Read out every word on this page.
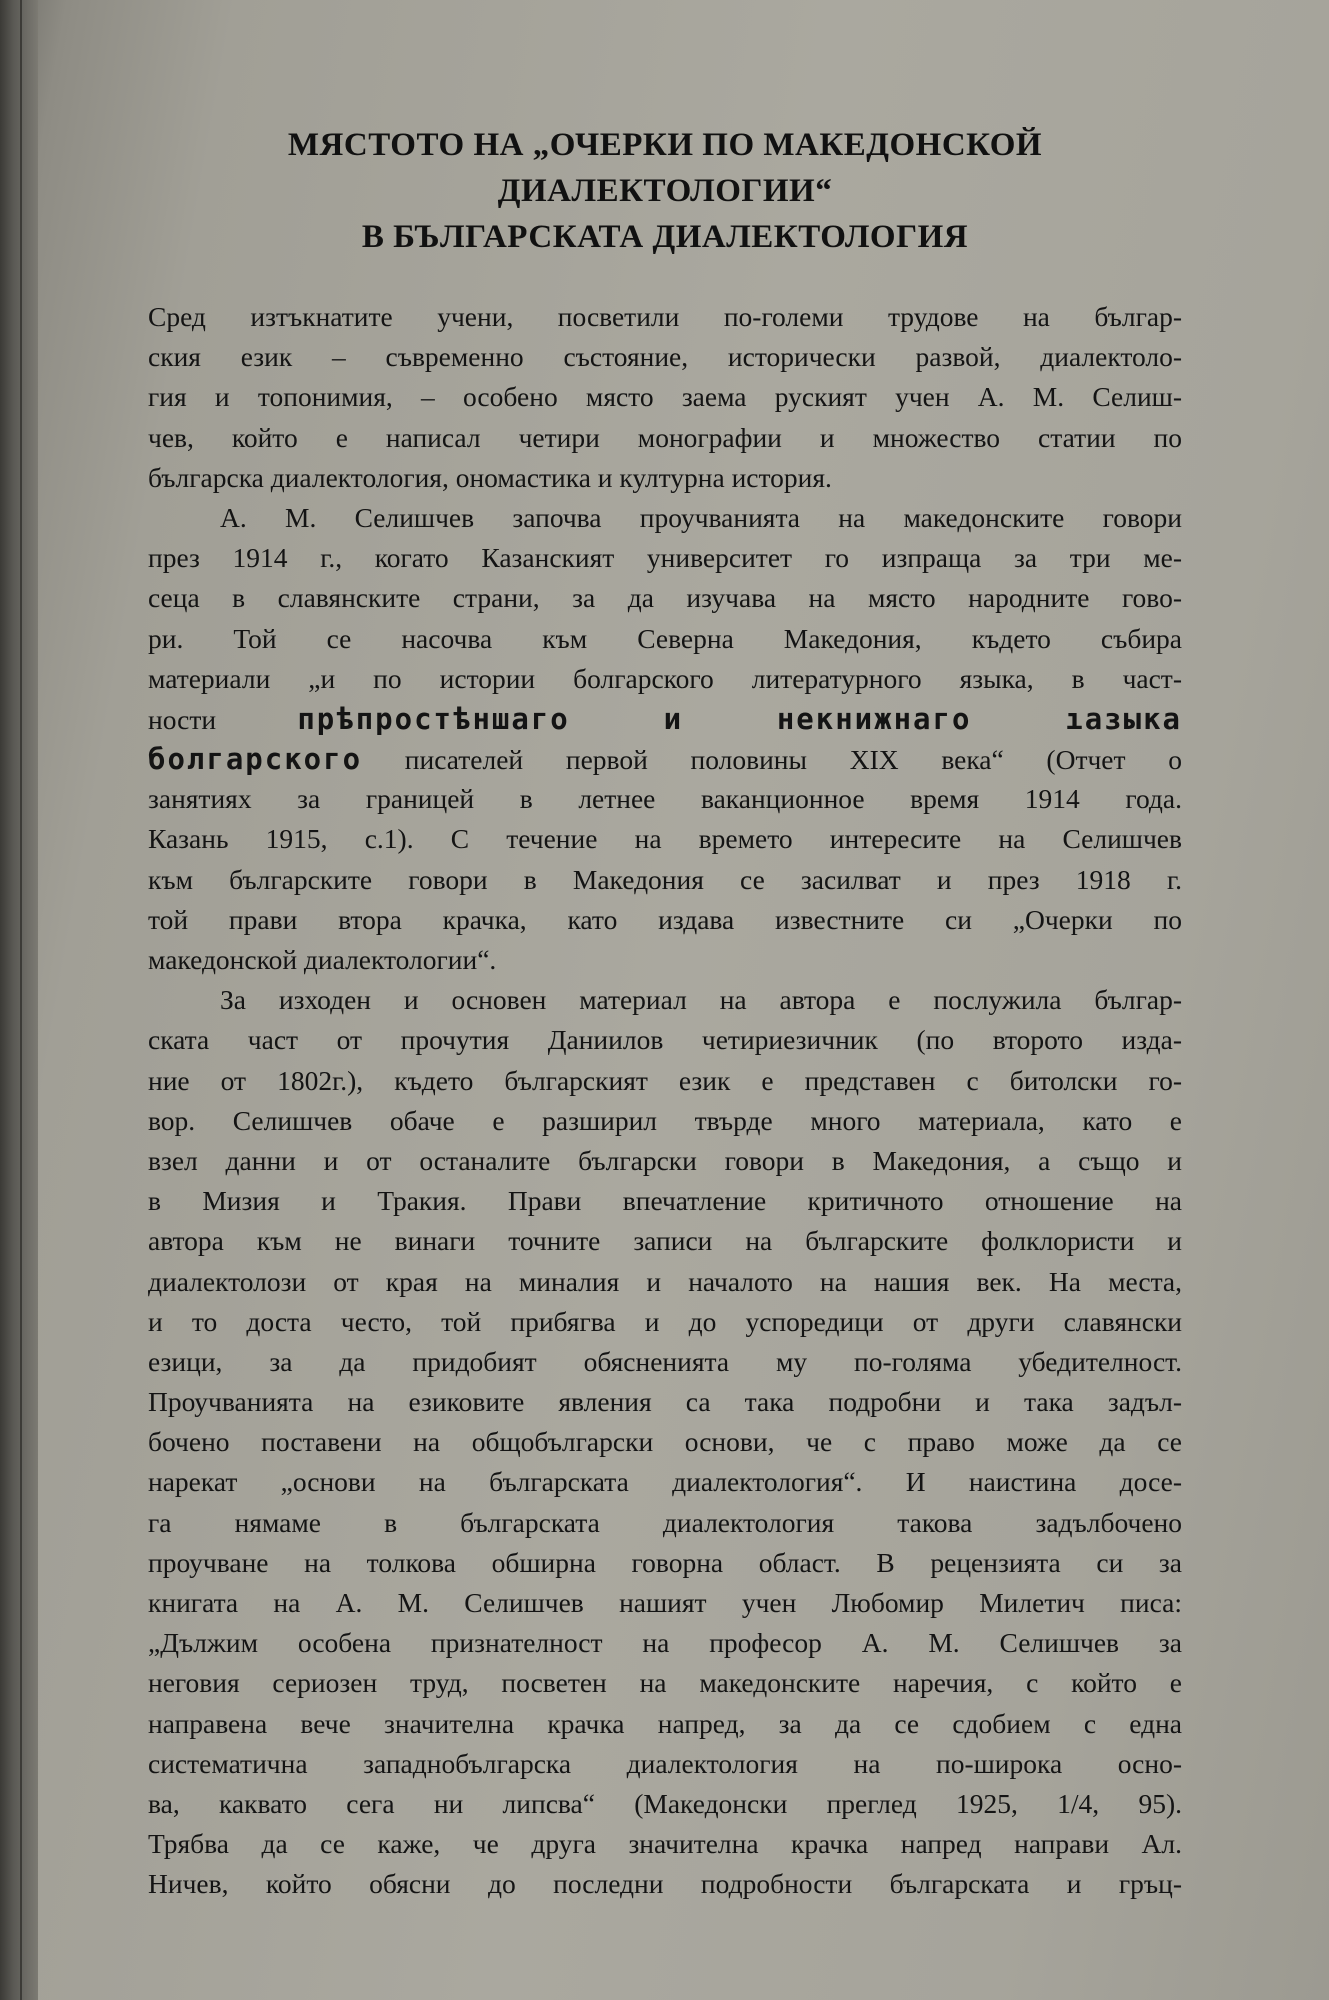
МЯСТОТО НА „ОЧЕРКИ ПО МАКЕДОНСКОЙ
ДИАЛЕКТОЛОГИИ“
В БЪЛГАРСКАТА ДИАЛЕКТОЛОГИЯ
Сред изтъкнатите учени, посветили по-големи трудове на българ-
ския език – съвременно състояние, исторически развой, диалектоло-
гия и топонимия, – особено място заема руският учен А. М. Селиш-
чев, който е написал четири монографии и множество статии по
българска диалектология, ономастика и културна история.
А. М. Селишчев започва проучванията на македонските говори
през 1914 г., когато Казанският университет го изпраща за три ме-
сеца в славянските страни, за да изучава на място народните гово-
ри. Той се насочва към Северна Македония, където събира
материали „и по истории болгарского литературного языка, в част-
ности	прѣпростѣншаго и некнижнаго ıaзыка
болгарского писателей первой половины XIX века“ (Отчет о
занятиях за границей в летнее ваканционное время 1914 года.
Казань 1915, с.1). С течение на времето интересите на Селишчев
към българските говори в Македония се засилват и през 1918 г.
той прави втора крачка, като издава известните си „Очерки по
македонской диалектологии“.
За изходен и основен материал на автора е послужила българ-
ската част от прочутия Даниилов четириезичник (по второто изда-
ние от 1802г.), където българският език е представен с битолски го-
вор. Селишчев обаче е разширил твърде много материала, като е
взел данни и от останалите български говори в Македония, а също и
в Мизия и Тракия. Прави впечатление критичното отношение на
автора към не винаги точните записи на българските фолклористи и
диалектолози от края на миналия и началото на нашия век. На места,
и то доста често, той прибягва и до успоредици от други славянски
езици, за да придобият обясненията му по-голяма убедителност.
Проучванията на езиковите явления са така подробни и така задъл-
бочено поставени на общобългарски основи, че с право може да се
нарекат „основи на българската диалектология“. И наистина досе-
га нямаме в българската диалектология такова задълбочено
проучване на толкова обширна говорна област. В рецензията си за
книгата на А. М. Селишчев нашият учен Любомир Милетич писа:
„Дължим особена признателност на професор А. М. Селишчев за
неговия сериозен труд, посветен на македонските наречия, с който е
направена вече значителна крачка напред, за да се сдобием с една
систематична западнобългарска диалектология на по-широка осно-
ва, каквато сега ни липсва“ (Македонски преглед 1925, 1/4, 95).
Трябва да се каже, че друга значителна крачка напред направи Ал.
Ничев, който обясни до последни подробности българската и гръц-
